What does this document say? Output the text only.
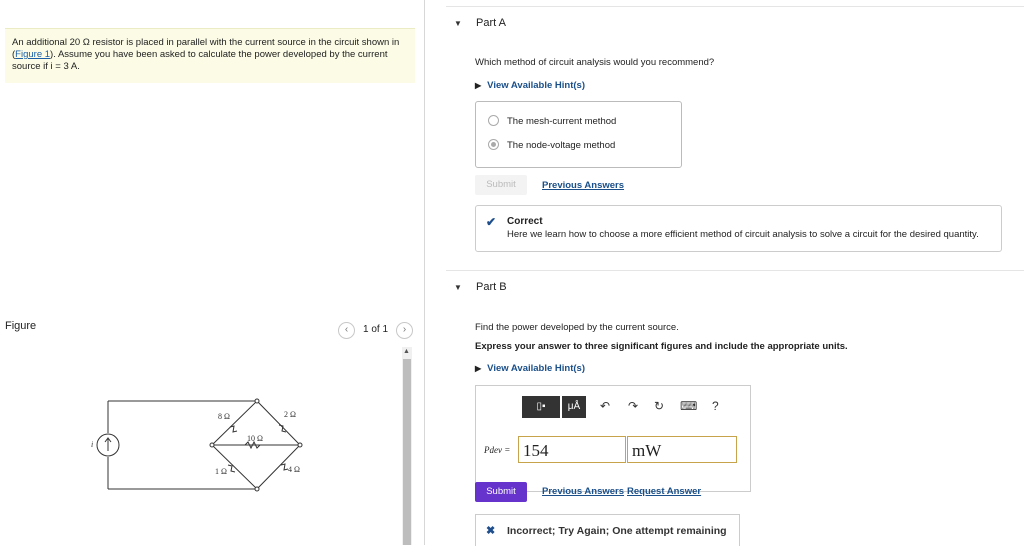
An additional 20 Ω resistor is placed in parallel with the current source in the circuit shown in (Figure 1). Assume you have been asked to calculate the power developed by the current source if i = 3 A.

Figure	‹	1 of 1	›
i
8 Ω	2 Ω
10 Ω
1 Ω	4 Ω
▲
▼ Part A
Which method of circuit analysis would you recommend?
▶ View Available Hint(s)
The mesh-current method
The node-voltage method
Submit	Previous Answers
✔ Correct
Here we learn how to choose a more efficient method of circuit analysis to solve a circuit for the desired quantity.
▼ Part B
Find the power developed by the current source.
Express your answer to three significant figures and include the appropriate units.
▶ View Available Hint(s)
▯▪	μÅ	↶ ↷ ↻ ⌨ ?
Pdev = 154	mW
Submit	Previous Answers Request Answer
✖ Incorrect; Try Again; One attempt remaining
